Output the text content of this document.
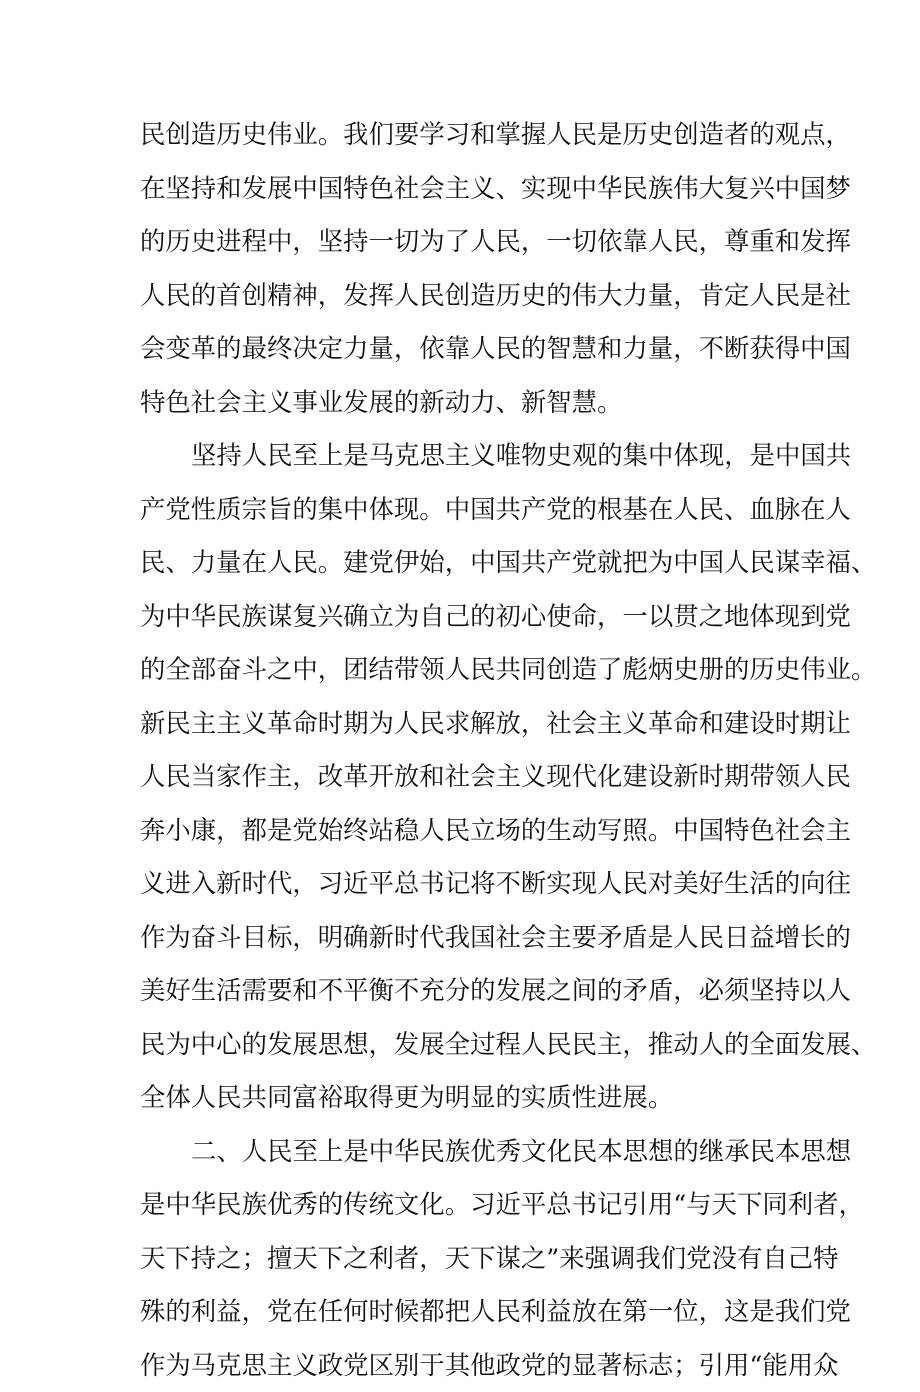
民创造历史伟业。我们要学习和掌握人民是历史创造者的观点，
在坚持和发展中国特色社会主义、实现中华民族伟大复兴中国梦
的历史进程中，坚持一切为了人民，一切依靠人民，尊重和发挥
人民的首创精神，发挥人民创造历史的伟大力量，肯定人民是社
会变革的最终决定力量，依靠人民的智慧和力量，不断获得中国
特色社会主义事业发展的新动力、新智慧。
坚持人民至上是马克思主义唯物史观的集中体现，是中国共
产党性质宗旨的集中体现。中国共产党的根基在人民、血脉在人
民、力量在人民。建党伊始，中国共产党就把为中国人民谋幸福、
为中华民族谋复兴确立为自己的初心使命，一以贯之地体现到党
的全部奋斗之中，团结带领人民共同创造了彪炳史册的历史伟业。
新民主主义革命时期为人民求解放，社会主义革命和建设时期让
人民当家作主，改革开放和社会主义现代化建设新时期带领人民
奔小康，都是党始终站稳人民立场的生动写照。中国特色社会主
义进入新时代，习近平总书记将不断实现人民对美好生活的向往
作为奋斗目标，明确新时代我国社会主要矛盾是人民日益增长的
美好生活需要和不平衡不充分的发展之间的矛盾，必须坚持以人
民为中心的发展思想，发展全过程人民民主，推动人的全面发展、
全体人民共同富裕取得更为明显的实质性进展。
二、人民至上是中华民族优秀文化民本思想的继承民本思想
是中华民族优秀的传统文化。习近平总书记引用“与天下同利者，
天下持之；擅天下之利者，天下谋之”来强调我们党没有自己特
殊的利益，党在任何时候都把人民利益放在第一位，这是我们党
作为马克思主义政党区别于其他政党的显著标志；引用“能用众
